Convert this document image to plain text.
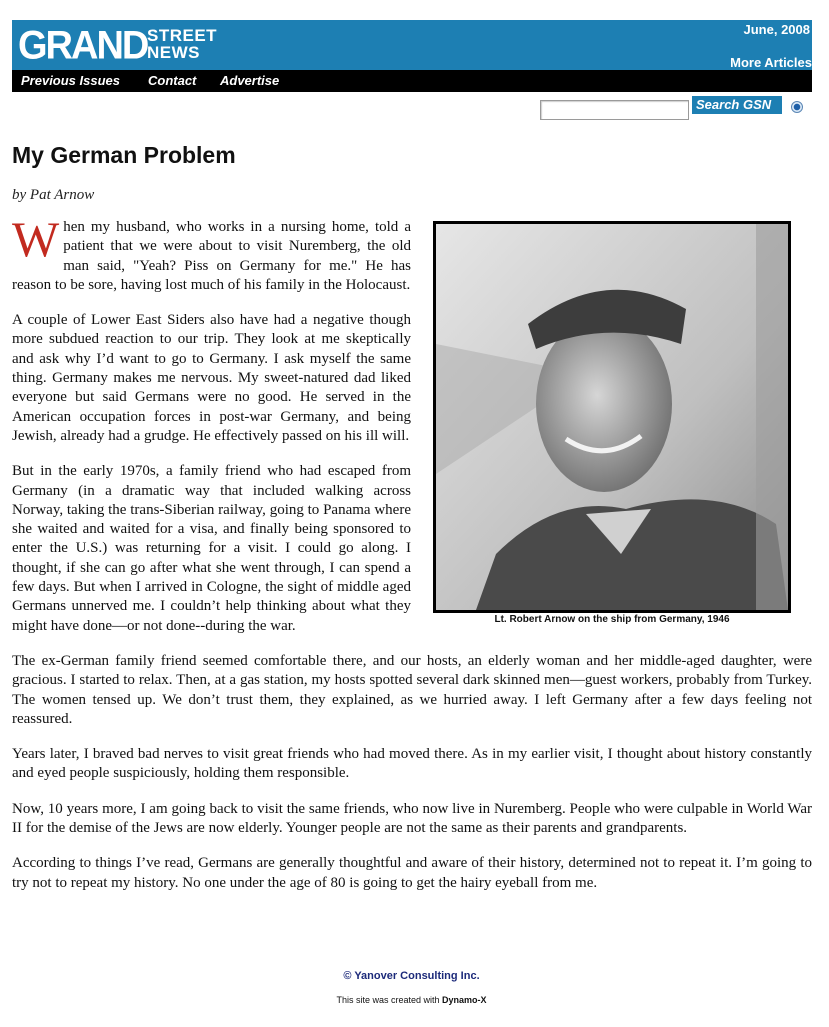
GRAND STREET
NEWS
June, 2008
More Articles
Previous Issues Contact Advertise
Search GSN
My German Problem
by Pat Arnow
Lt. Robert Arnow on the ship from Germany, 1946

When my husband, who works in a nursing home, told a patient that we were about to visit Nuremberg, the old man said, "Yeah? Piss on Germany for me." He has reason to be sore, having lost much of his family in the Holocaust.

A couple of Lower East Siders also have had a negative though more subdued reaction to our trip. They look at me skeptically and ask why I’d want to go to Germany. I ask myself the same thing. Germany makes me nervous. My sweet-natured dad liked everyone but said Germans were no good. He served in the American occupation forces in post-war Germany, and being Jewish, already had a grudge. He effectively passed on his ill will.

But in the early 1970s, a family friend who had escaped from Germany (in a dramatic way that included walking across Norway, taking the trans-Siberian railway, going to Panama where she waited and waited for a visa, and finally being sponsored to enter the U.S.) was returning for a visit. I could go along. I thought, if she can go after what she went through, I can spend a few days. But when I arrived in Cologne, the sight of middle aged Germans unnerved me. I couldn’t help thinking about what they might have done—or not done--during the war.

The ex-German family friend seemed comfortable there, and our hosts, an elderly woman and her middle-aged daughter, were gracious. I started to relax. Then, at a gas station, my hosts spotted several dark skinned men—guest workers, probably from Turkey. The women tensed up. We don’t trust them, they explained, as we hurried away. I left Germany after a few days feeling not reassured.

Years later, I braved bad nerves to visit great friends who had moved there. As in my earlier visit, I thought about history constantly and eyed people suspiciously, holding them responsible.

Now, 10 years more, I am going back to visit the same friends, who now live in Nuremberg. People who were culpable in World War II for the demise of the Jews are now elderly. Younger people are not the same as their parents and grandparents.

According to things I’ve read, Germans are generally thoughtful and aware of their history, determined not to repeat it. I’m going to try not to repeat my history. No one under the age of 80 is going to get the hairy eyeball from me.

© Yanover Consulting Inc.
This site was created with Dynamo-X
